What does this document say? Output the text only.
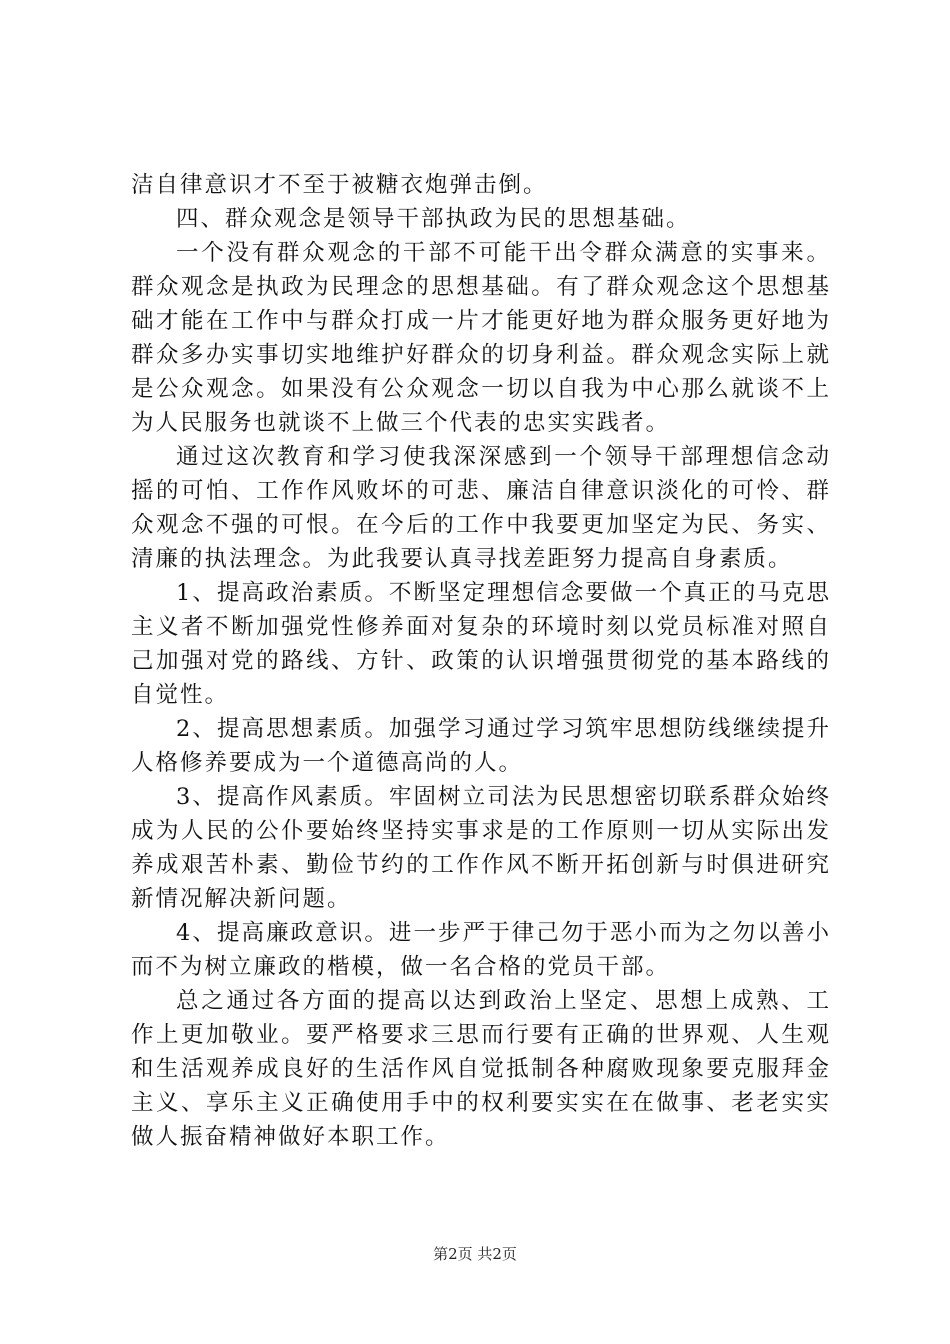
洁自律意识才不至于被糖衣炮弹击倒。

四、群众观念是领导干部执政为民的思想基础。

一个没有群众观念的干部不可能干出令群众满意的实事来。群众观念是执政为民理念的思想基础。有了群众观念这个思想基础才能在工作中与群众打成一片才能更好地为群众服务更好地为群众多办实事切实地维护好群众的切身利益。群众观念实际上就是公众观念。如果没有公众观念一切以自我为中心那么就谈不上为人民服务也就谈不上做三个代表的忠实实践者。

通过这次教育和学习使我深深感到一个领导干部理想信念动摇的可怕、工作作风败坏的可悲、廉洁自律意识淡化的可怜、群众观念不强的可恨。在今后的工作中我要更加坚定为民、务实、清廉的执法理念。为此我要认真寻找差距努力提高自身素质。

1、提高政治素质。不断坚定理想信念要做一个真正的马克思主义者不断加强党性修养面对复杂的环境时刻以党员标准对照自己加强对党的路线、方针、政策的认识增强贯彻党的基本路线的自觉性。

2、提高思想素质。加强学习通过学习筑牢思想防线继续提升人格修养要成为一个道德高尚的人。

3、提高作风素质。牢固树立司法为民思想密切联系群众始终成为人民的公仆要始终坚持实事求是的工作原则一切从实际出发养成艰苦朴素、勤俭节约的工作作风不断开拓创新与时俱进研究新情况解决新问题。

4、提高廉政意识。进一步严于律己勿于恶小而为之勿以善小而不为树立廉政的楷模，做一名合格的党员干部。

总之通过各方面的提高以达到政治上坚定、思想上成熟、工作上更加敬业。要严格要求三思而行要有正确的世界观、人生观和生活观养成良好的生活作风自觉抵制各种腐败现象要克服拜金主义、享乐主义正确使用手中的权利要实实在在做事、老老实实做人振奋精神做好本职工作。

第2页 共2页
